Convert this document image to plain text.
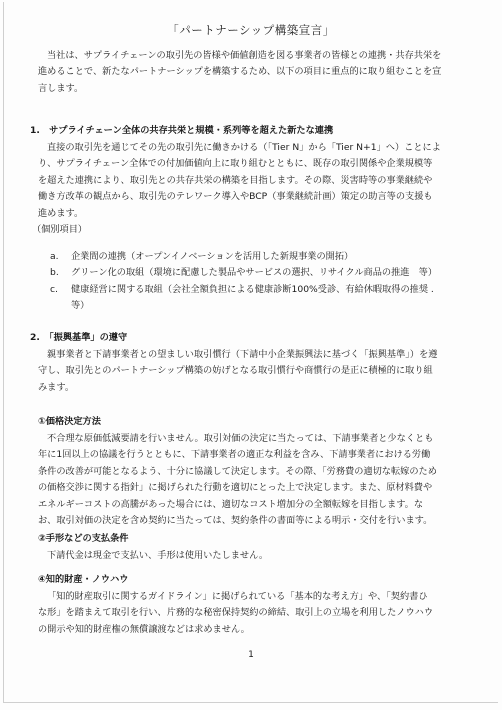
「パートナーシップ構築宣言」
当社は、サプライチェーンの取引先の皆様や価値創造を図る事業者の皆様との連携・共存共栄を
進めることで、新たなパートナーシップを構築するため、以下の項目に重点的に取り組むことを宣
言します。
1.　サプライチェーン全体の共存共栄と規模・系列等を超えた新たな連携
直接の取引先を通じてその先の取引先に働きかける（「Tier N」から「Tier N+1」へ）ことによ
り、サプライチェーン全体での付加価値向上に取り組むとともに、既存の取引関係や企業規模等
を超えた連携により、取引先との共存共栄の構築を目指します。その際、災害時等の事業継続や
働き方改革の観点から、取引先のテレワーク導入やBCP（事業継続計画）策定の助言等の支援も
進めます。
（個別項目）
a. 企業間の連携（オープンイノベーションを活用した新規事業の開拓）
b. グリーン化の取組（環境に配慮した製品やサービスの選択、リサイクル商品の推進　等）
c. 健康経営に関する取組（会社全額負担による健康診断100%受診、有給休暇取得の推奨 .
等）
2.　「振興基準」の遵守
親事業者と下請事業者との望ましい取引慣行（下請中小企業振興法に基づく「振興基準」）を遵
守し、取引先とのパートナーシップ構築の妨げとなる取引慣行や商慣行の是正に積極的に取り組
みます。
①価格決定方法
不合理な原価低減要請を行いません。取引対価の決定に当たっては、下請事業者と少なくとも
年に1回以上の協議を行うとともに、下請事業者の適正な利益を含み、下請事業者における労働
条件の改善が可能となるよう、十分に協議して決定します。その際、「労務費の適切な転嫁のため
の価格交渉に関する指針」に掲げられた行動を適切にとった上で決定します。また、原材料費や
エネルギーコストの高騰があった場合には、適切なコスト増加分の全額転嫁を目指します。な
お、取引対価の決定を含め契約に当たっては、契約条件の書面等による明示・交付を行います。
②手形などの支払条件
下請代金は現金で支払い、手形は使用いたしません。
④知的財産・ノウハウ
「知的財産取引に関するガイドライン」に掲げられている「基本的な考え方」や、「契約書ひ
な形」を踏まえて取引を行い、片務的な秘密保持契約の締結、取引上の立場を利用したノウハウ
の開示や知的財産権の無償譲渡などは求めません。
1
